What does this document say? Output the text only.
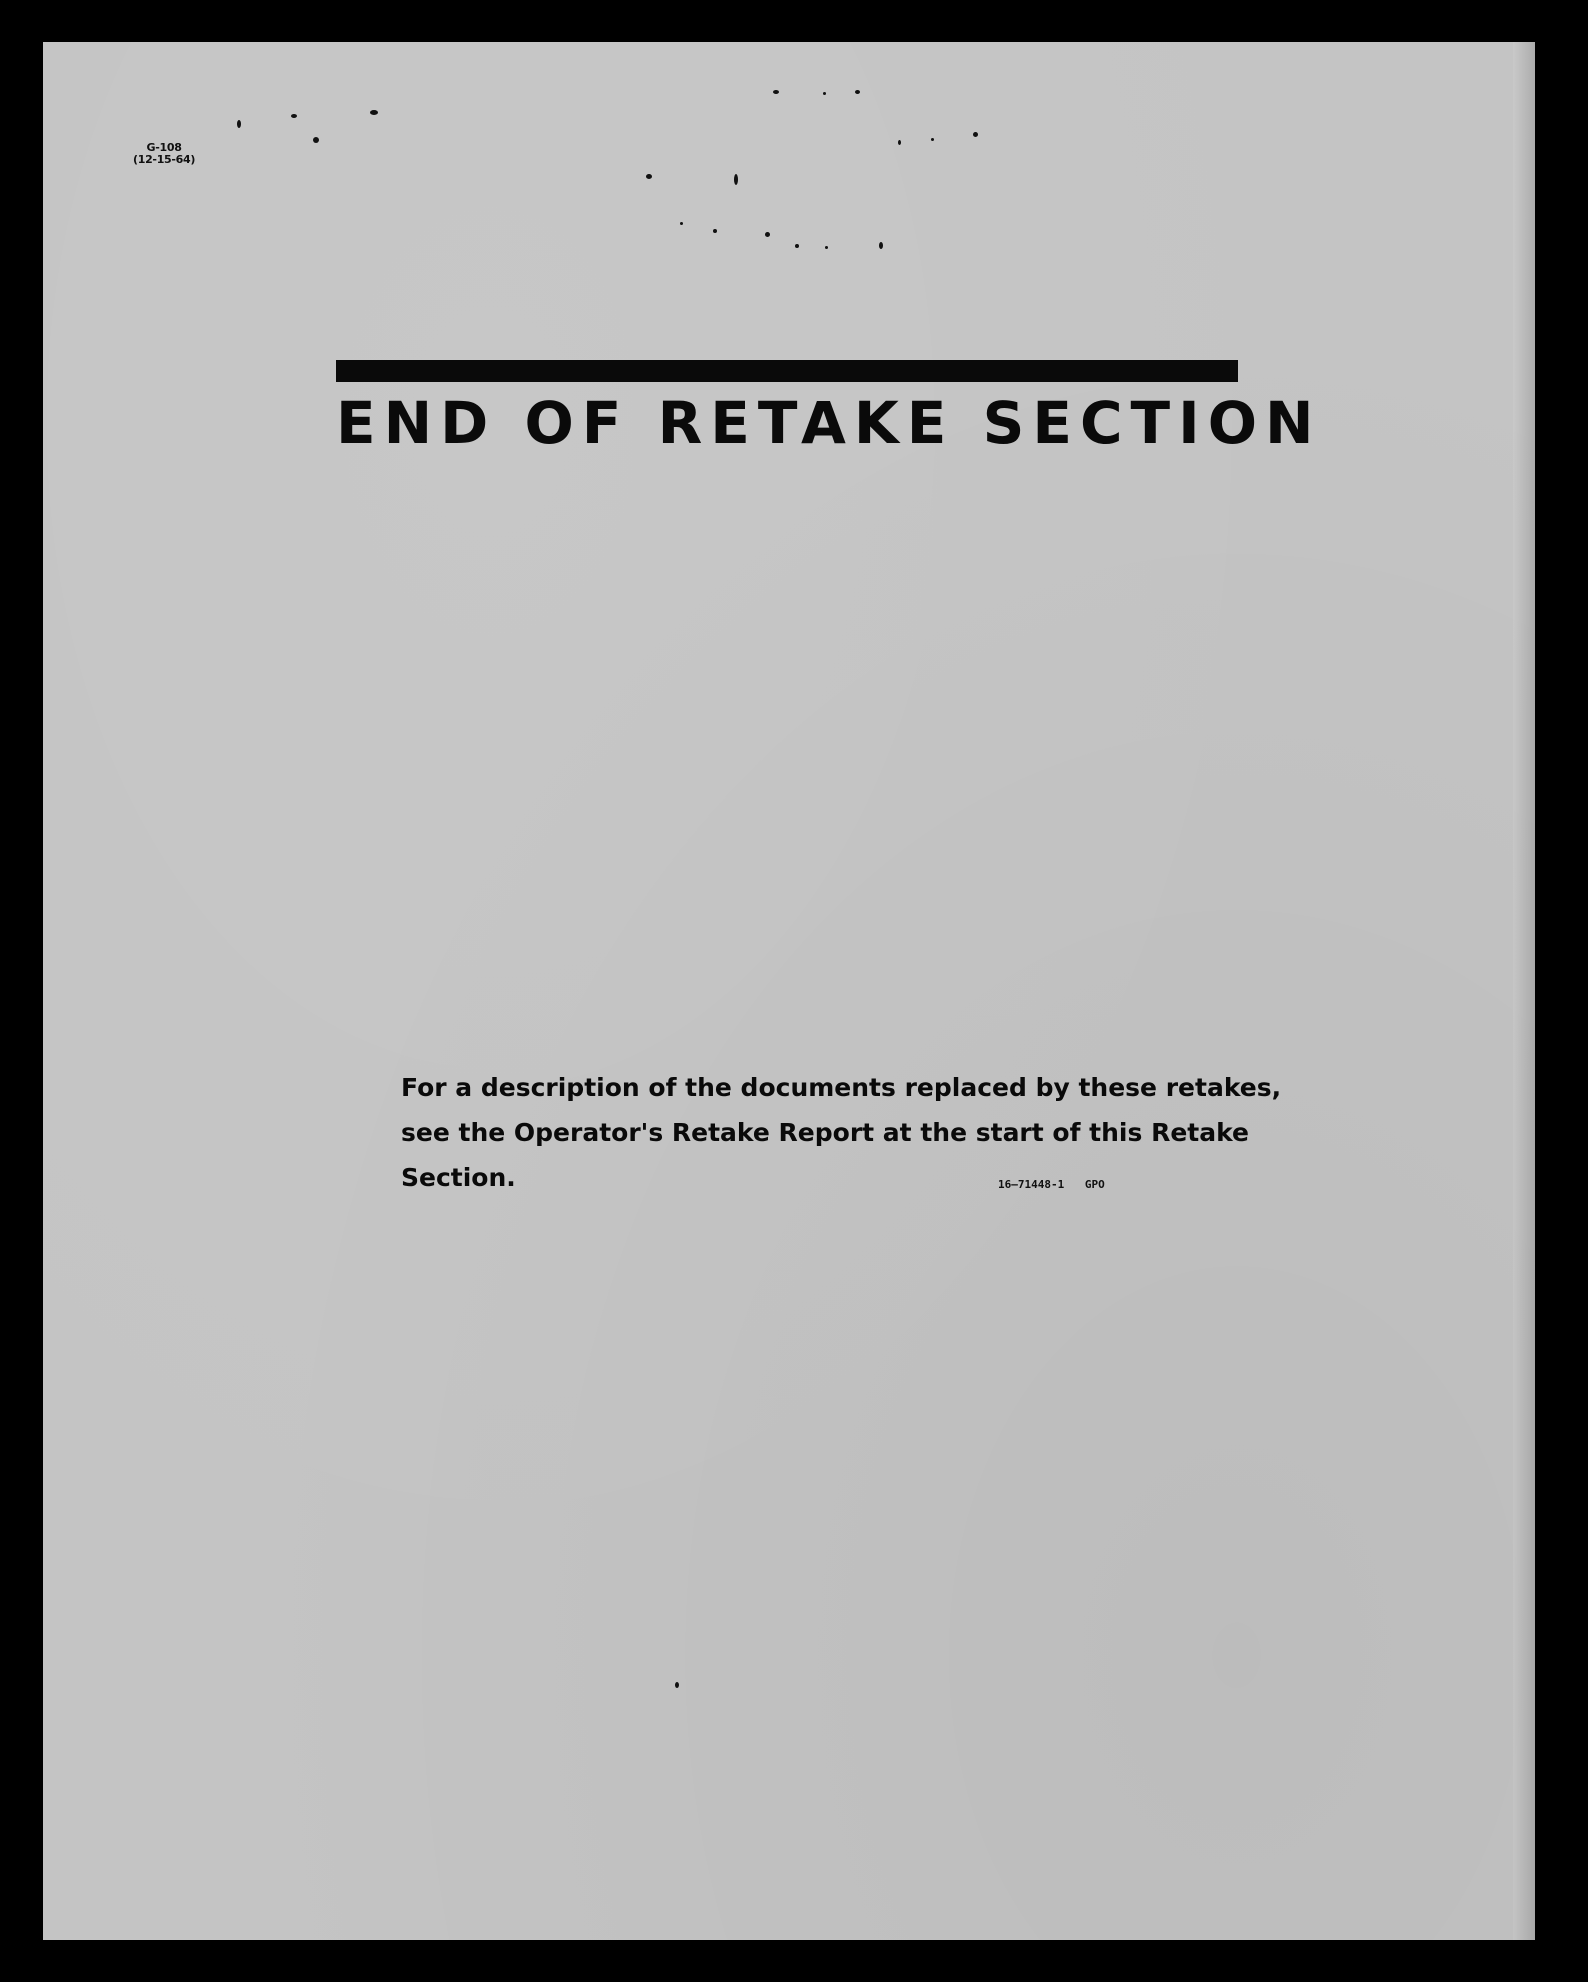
G-108
(12-15-64)
END OF RETAKE SECTION
For a description of the documents replaced by these retakes,
see the Operator's Retake Report at the start of this Retake
Section.	16—71448-1 GPO
